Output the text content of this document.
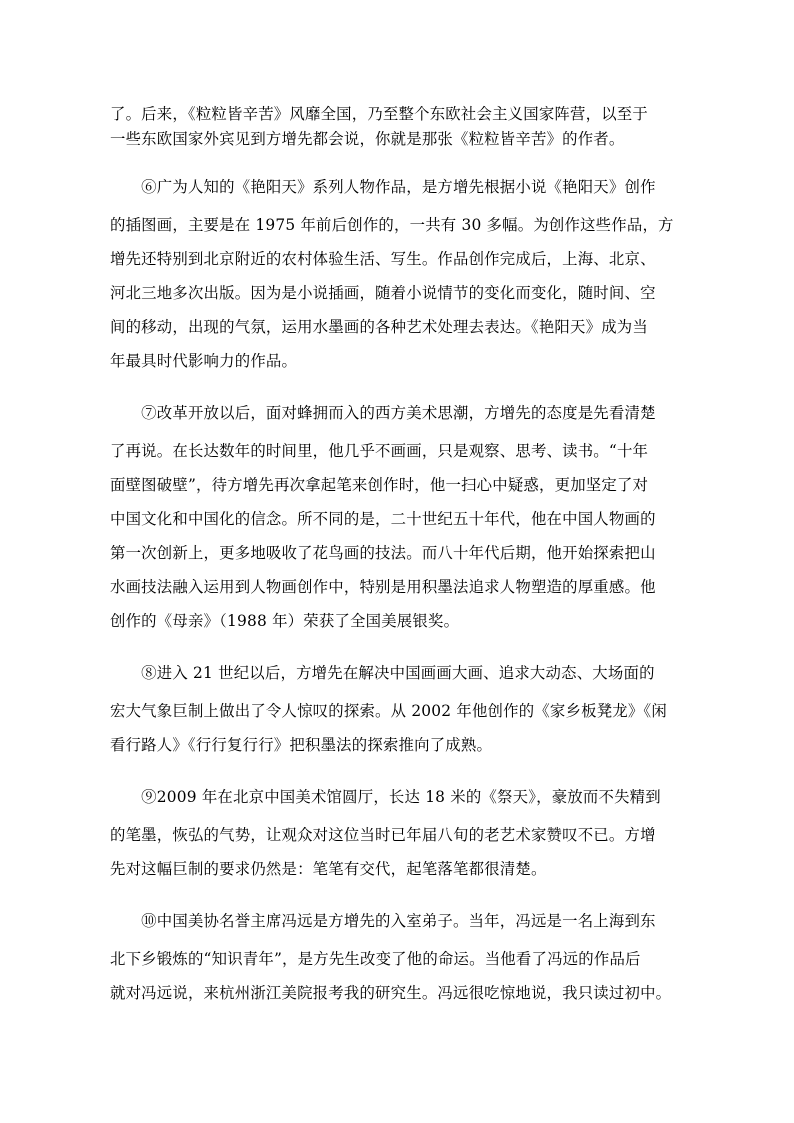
了。后来，《粒粒皆辛苦》风靡全国，乃至整个东欧社会主义国家阵营，以至于
一些东欧国家外宾见到方增先都会说，你就是那张《粒粒皆辛苦》的作者。
　　⑥广为人知的《艳阳天》系列人物作品，是方增先根据小说《艳阳天》创作
的插图画，主要是在 1975 年前后创作的，一共有 30 多幅。为创作这些作品，方
增先还特别到北京附近的农村体验生活、写生。作品创作完成后，上海、北京、
河北三地多次出版。因为是小说插画，随着小说情节的变化而变化，随时间、空
间的移动，出现的气氛，运用水墨画的各种艺术处理去表达。《艳阳天》成为当
年最具时代影响力的作品。
　　⑦改革开放以后，面对蜂拥而入的西方美术思潮，方增先的态度是先看清楚
了再说。在长达数年的时间里，他几乎不画画，只是观察、思考、读书。“十年
面壁图破壁”，待方增先再次拿起笔来创作时，他一扫心中疑惑，更加坚定了对
中国文化和中国化的信念。所不同的是，二十世纪五十年代，他在中国人物画的
第一次创新上，更多地吸收了花鸟画的技法。而八十年代后期，他开始探索把山
水画技法融入运用到人物画创作中，特别是用积墨法追求人物塑造的厚重感。他
创作的《母亲》（1988 年）荣获了全国美展银奖。
　　⑧进入 21 世纪以后，方增先在解决中国画画大画、追求大动态、大场面的
宏大气象巨制上做出了令人惊叹的探索。从 2002 年他创作的《家乡板凳龙》《闲
看行路人》《行行复行行》把积墨法的探索推向了成熟。
　　⑨2009 年在北京中国美术馆圆厅，长达 18 米的《祭天》，豪放而不失精到
的笔墨，恢弘的气势，让观众对这位当时已年届八旬的老艺术家赞叹不已。方增
先对这幅巨制的要求仍然是：笔笔有交代，起笔落笔都很清楚。
　　⑩中国美协名誉主席冯远是方增先的入室弟子。当年，冯远是一名上海到东
北下乡锻炼的“知识青年”，是方先生改变了他的命运。当他看了冯远的作品后
就对冯远说，来杭州浙江美院报考我的研究生。冯远很吃惊地说，我只读过初中。
